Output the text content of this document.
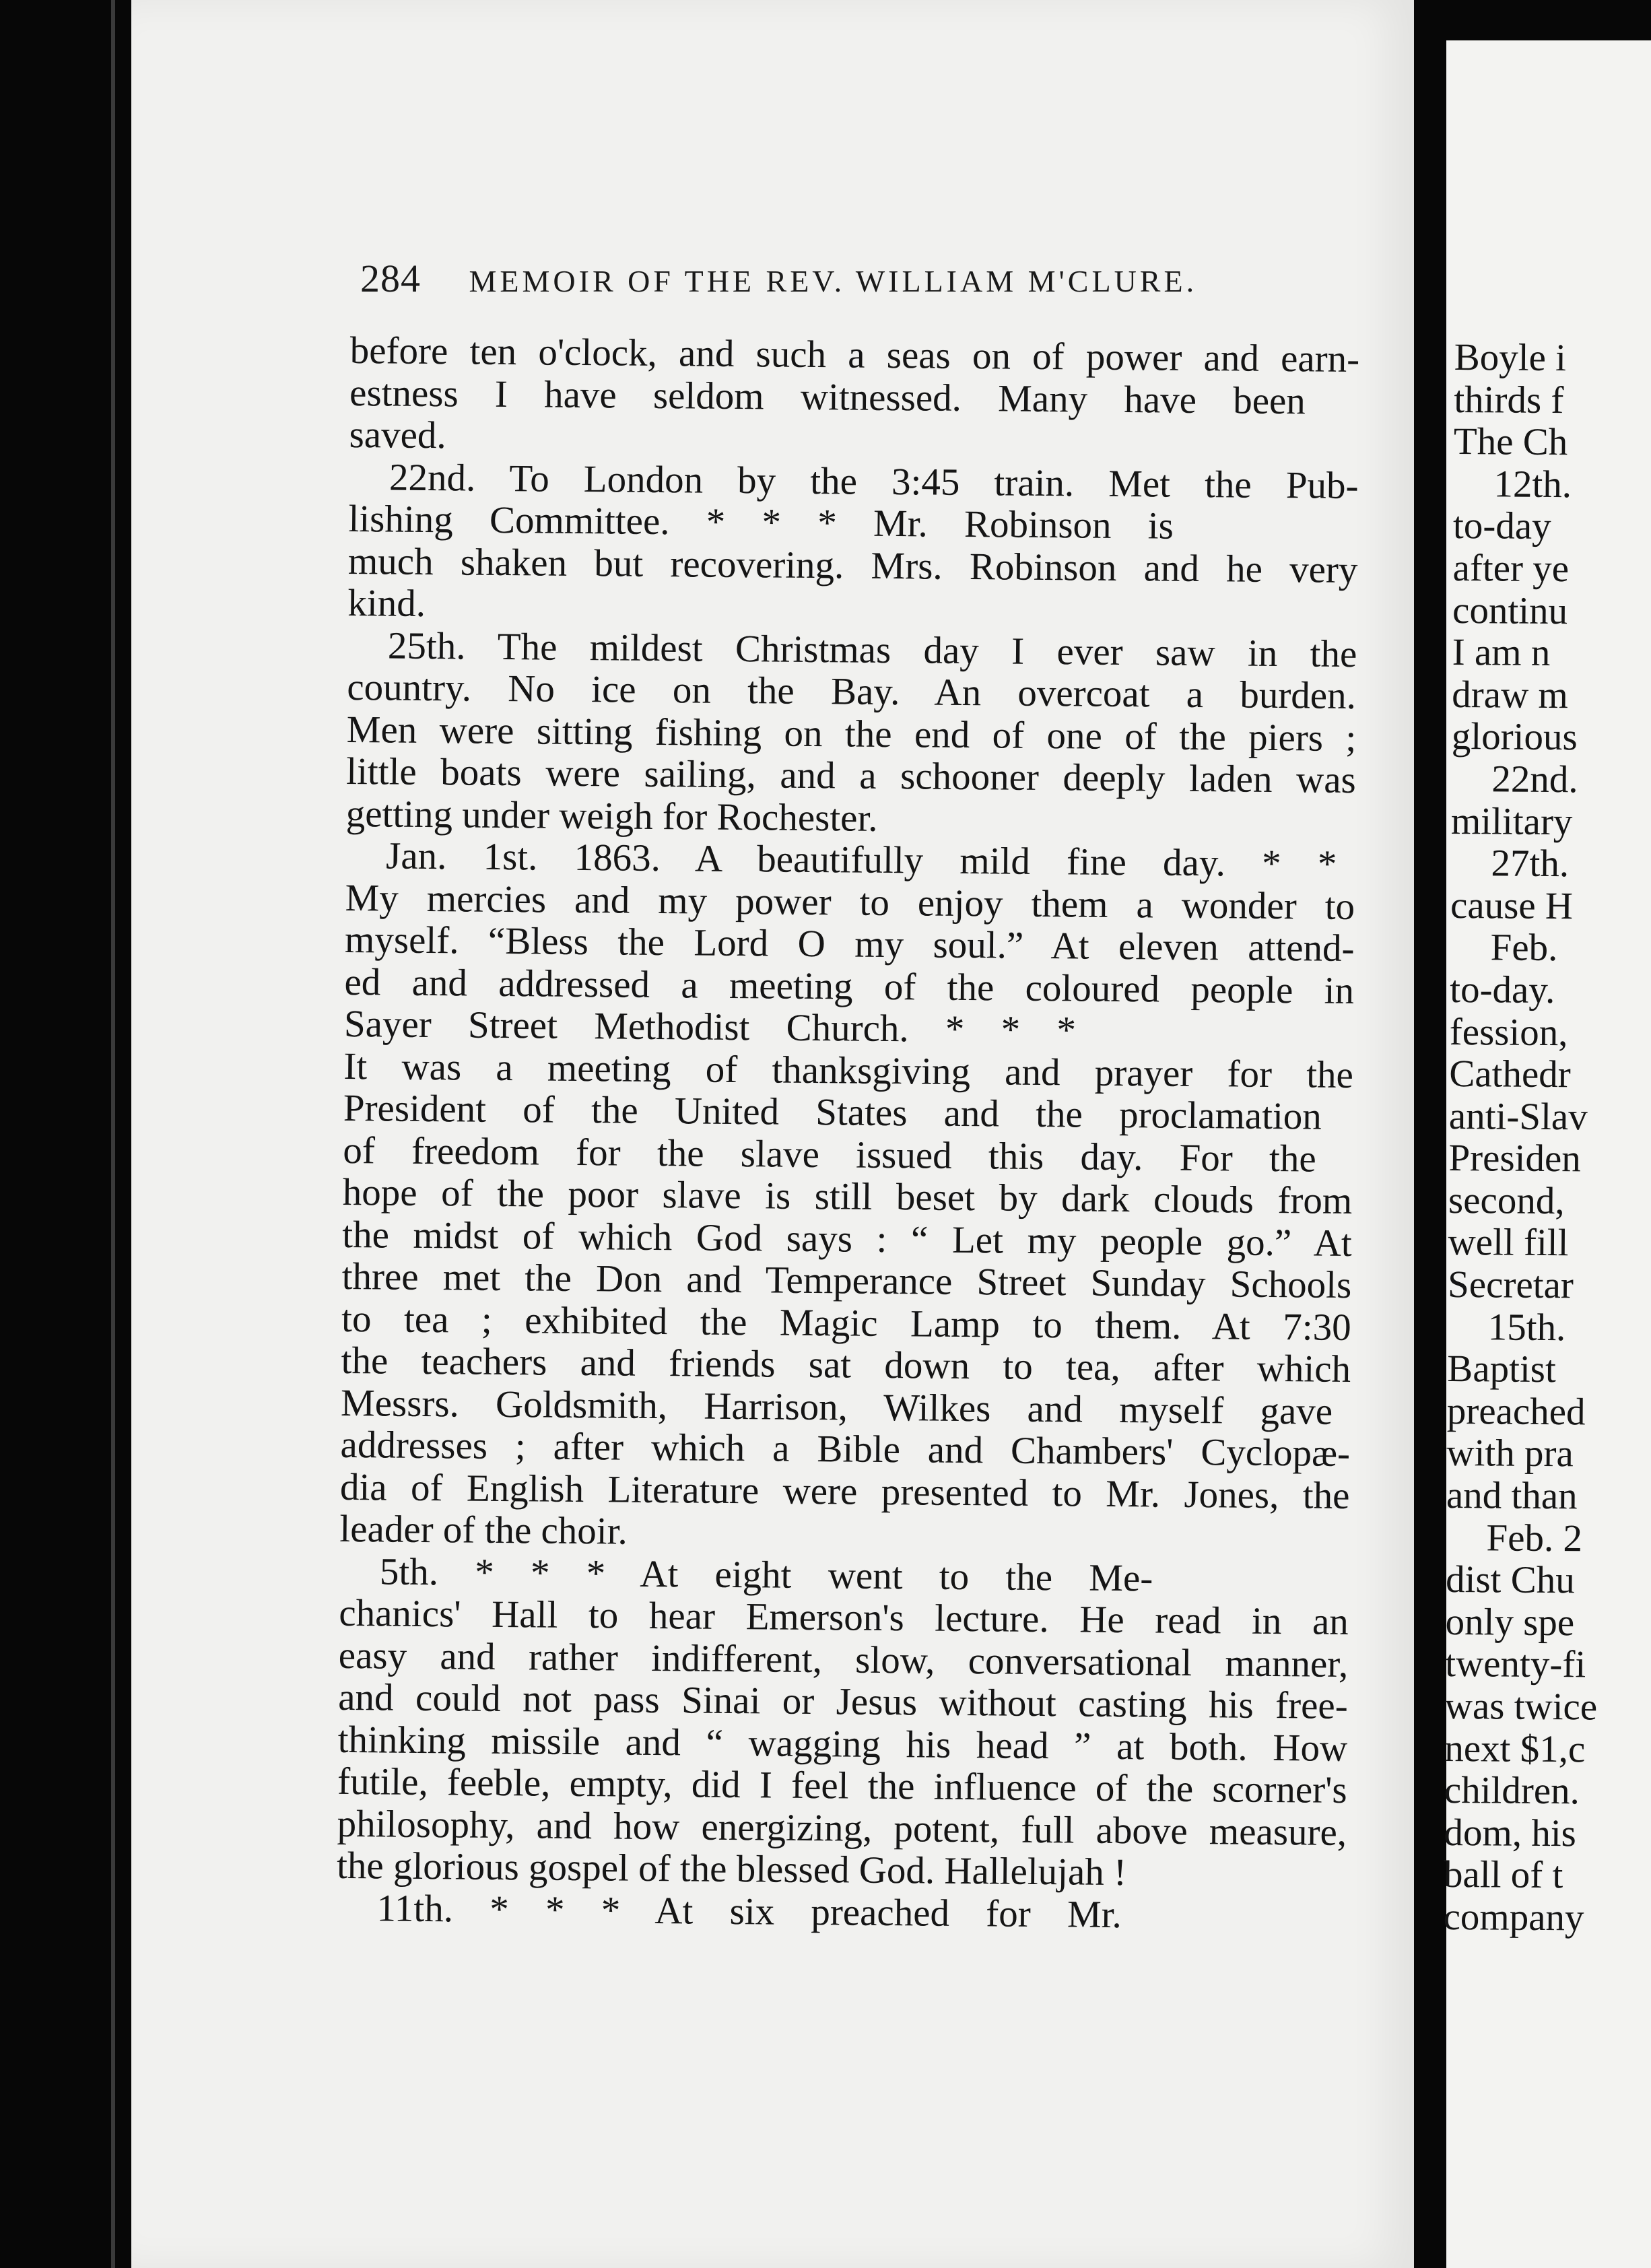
284 MEMOIR OF THE REV. WILLIAM M'CLURE.
before ten o'clock, and such a seas on of power and earn-
estness I have seldom witnessed. Many have been
saved.
22nd. To London by the 3:45 train. Met the Pub-
lishing Committee. * * * Mr. Robinson is
much shaken but recovering. Mrs. Robinson and he very
kind.
25th. The mildest Christmas day I ever saw in the
country. No ice on the Bay. An overcoat a burden.
Men were sitting fishing on the end of one of the piers ;
little boats were sailing, and a schooner deeply laden was
getting under weigh for Rochester.
Jan. 1st. 1863. A beautifully mild fine day. * *
My mercies and my power to enjoy them a wonder to
myself. “Bless the Lord O my soul.” At eleven attend-
ed and addressed a meeting of the coloured people in
Sayer Street Methodist Church. * * *
It was a meeting of thanksgiving and prayer for the
President of the United States and the proclamation
of freedom for the slave issued this day. For the
hope of the poor slave is still beset by dark clouds from
the midst of which God says : “ Let my people go.” At
three met the Don and Temperance Street Sunday Schools
to tea ; exhibited the Magic Lamp to them. At 7:30
the teachers and friends sat down to tea, after which
Messrs. Goldsmith, Harrison, Wilkes and myself gave
addresses ; after which a Bible and Chambers' Cyclopæ-
dia of English Literature were presented to Mr. Jones, the
leader of the choir.
5th. * * * At eight went to the Me-
chanics' Hall to hear Emerson's lecture. He read in an
easy and rather indifferent, slow, conversational manner,
and could not pass Sinai or Jesus without casting his free-
thinking missile and “ wagging his head ” at both. How
futile, feeble, empty, did I feel the influence of the scorner's
philosophy, and how energizing, potent, full above measure,
the glorious gospel of the blessed God. Hallelujah !
11th. * * * At six preached for Mr.
Boyle i
thirds f
The Ch
12th.
to-day
after ye
continu
I am n
draw m
glorious
22nd.
military
27th.
cause H
Feb.
to-day.
fession,
Cathedr
anti-Slav
Presiden
second,
well fill
Secretar
15th.
Baptist
preached
with pra
and than
Feb. 2
dist Chu
only spe
twenty-fi
was twice
next $1,c
children.
dom, his
ball of t
company
